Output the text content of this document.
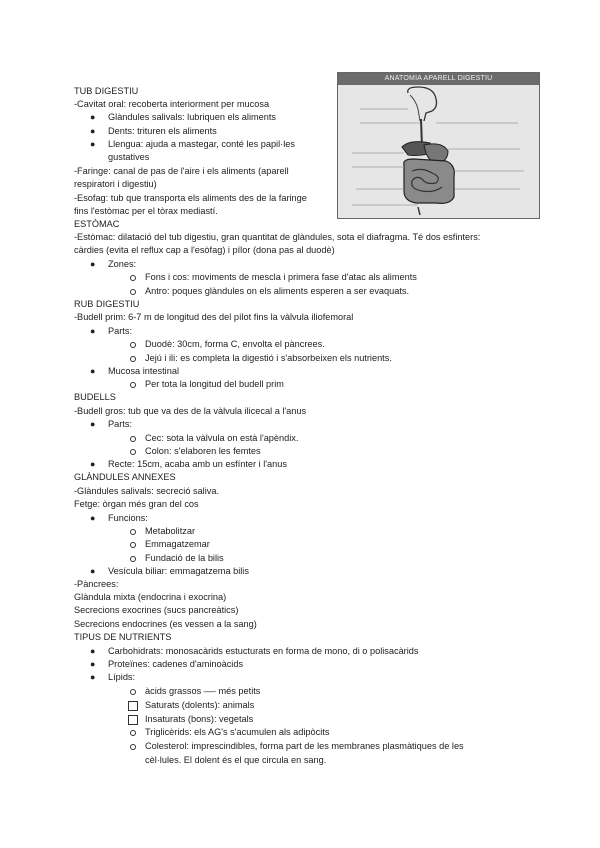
ANATOMIA APARELL DIGESTIU
TUB DIGESTIU
-Cavitat oral: recoberta interiorment per mucosa
● Glàndules salivals: lubriquen els aliments
● Dents: trituren els aliments
● Llengua: ajuda a mastegar, conté les papil·les
gustatives
-Faringe: canal de pas de l'aire i els aliments (aparell
respiratori i digestiu)
-Esofag: tub que transporta els aliments des de la faringe
fins l'estòmac per el tòrax mediastí.
ESTÒMAC
-Estòmac: dilatació del tub digestiu, gran quantitat de glàndules, sota el diafragma. Té dos esfinters:
càrdies (evita el reflux cap a l'esòfag) i pílor (dona pas al duodè)
● Zones:
Fons i cos: moviments de mescla i primera fase d'atac als aliments
Antro: poques glàndules on els aliments esperen a ser evaquats.
RUB DIGESTIU
-Budell prim: 6-7 m de longitud des del pílot fins la vàlvula iliofemoral
● Parts:
Duodè: 30cm, forma C, envolta el pàncrees.
Jejú i ili: es completa la digestió i s'absorbeixen els nutrients.
● Mucosa intestinal
Per tota la longitud del budell prim
BUDELLS
-Budell gros: tub que va des de la vàlvula ilicecal a l'anus
● Parts:
Cec: sota la vàlvula on està l'apèndix.
Colon: s'elaboren les femtes
● Recte: 15cm, acaba amb un esfínter i l'anus
GLÀNDULES ANNEXES
-Glàndules salivals: secreció saliva.
Fetge: òrgan més gran del cos
● Funcions:
Metabolitzar
Emmagatzemar
Fundació de la bilis
● Vesícula biliar: emmagatzema bilis
-Pàncrees:
Glàndula mixta (endocrina i exocrina)
Secrecions exocrines (sucs pancreàtics)
Secrecions endocrines (es vessen a la sang)
TIPUS DE NUTRIENTS
● Carbohidrats: monosacàrids estucturats en forma de mono, di o polisacàrids
● Proteïnes: cadenes d'aminoàcids
● Lípids:
àcids grassos —- més petits
Saturats (dolents): animals
Insaturats (bons): vegetals
Triglicèrids: els AG's s'acumulen als adipòcits
Colesterol: imprescindibles, forma part de les membranes plasmàtiques de les
cèl·lules. El dolent és el que circula en sang.
